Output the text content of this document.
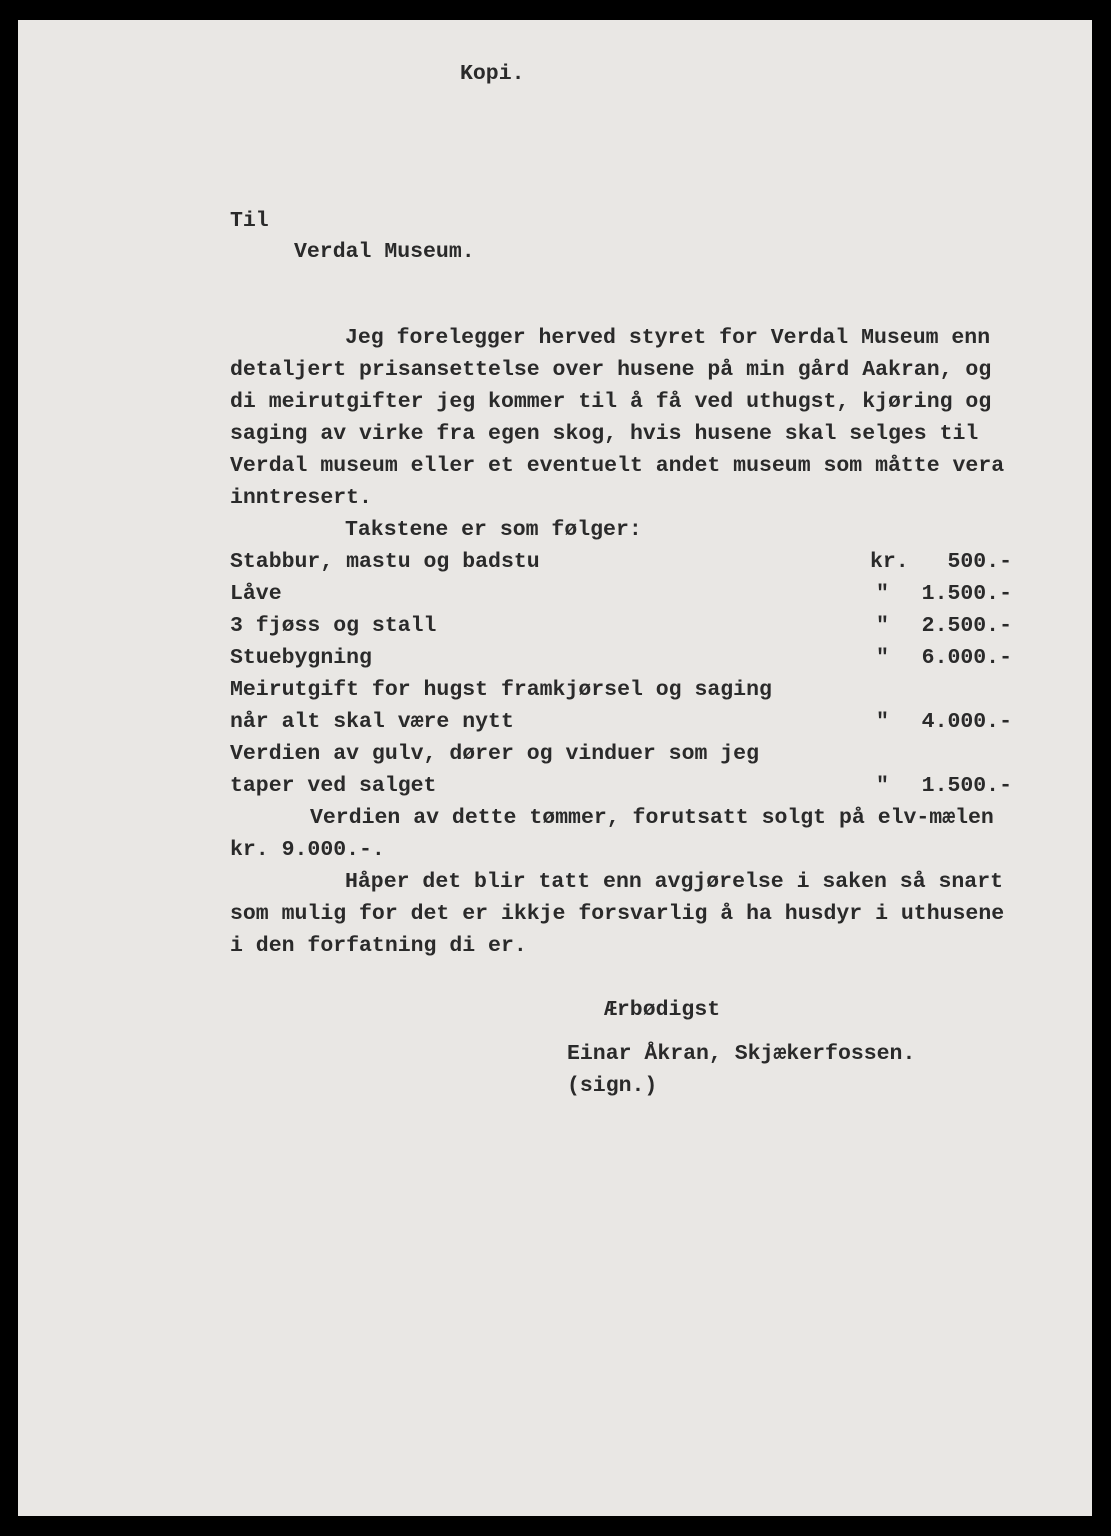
Kopi.
Til
Verdal Museum.
Jeg forelegger herved styret for Verdal Museum enn
detaljert prisansettelse over husene på min gård Aakran, og
di meirutgifter jeg kommer til å få ved uthugst, kjøring og
saging av virke fra egen skog, hvis husene skal selges til
Verdal museum eller et eventuelt andet museum som måtte vera
inntresert.
Takstene er som følger:
Stabbur, mastu og badstu	kr.	500.-
Låve	"	1.500.-
3 fjøss og stall	"	2.500.-
Stuebygning	"	6.000.-
Meirutgift for hugst framkjørsel og saging
når alt skal være nytt	"	4.000.-
Verdien av gulv, dører og vinduer som jeg
taper ved salget	"	1.500.-
Verdien av dette tømmer, forutsatt solgt på elv-mælen
kr. 9.000.-.
Håper det blir tatt enn avgjørelse i saken så snart
som mulig for det er ikkje forsvarlig å ha husdyr i uthusene
i den forfatning di er.
Ærbødigst
Einar Åkran, Skjækerfossen.
(sign.)
